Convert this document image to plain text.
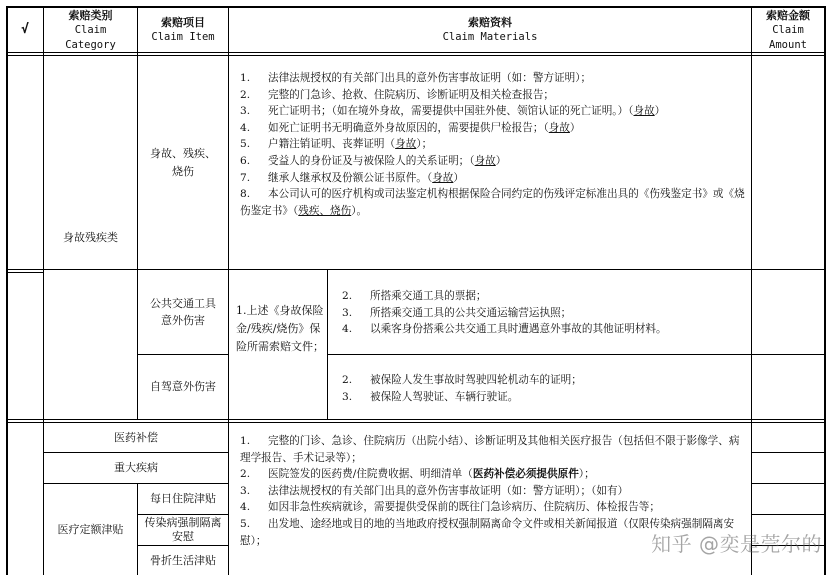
√
索赔类别
Claim
Category
索赔项目
Claim Item
索赔资料
Claim Materials
索赔金额
Claim
Amount
身故残疾类
身故、残疾、烧伤
1. 法律法规授权的有关部门出具的意外伤害事故证明（如：警方证明）；
2. 完整的门急诊、抢救、住院病历、诊断证明及相关检查报告；
3. 死亡证明书；（如在境外身故，需要提供中国驻外使、领馆认证的死亡证明。）（身故）
4. 如死亡证明书无明确意外身故原因的，需要提供尸检报告；（身故）
5. 户籍注销证明、丧葬证明（身故）；
6. 受益人的身份证及与被保险人的关系证明；（身故）
7. 继承人继承权及份额公证书原件。（身故）
8. 本公司认可的医疗机构或司法鉴定机构根据保险合同约定的伤残评定标准出具的《伤残鉴定书》或《烧伤鉴定书》（残疾、烧伤）。
公共交通工具意外伤害
1.上述《身故保险金/残疾/烧伤》保险所需索赔文件；
2. 所搭乘交通工具的票据；
3. 所搭乘交通工具的公共交通运输营运执照；
4. 以乘客身份搭乘公共交通工具时遭遇意外事故的其他证明材料。
自驾意外伤害	2. 被保险人发生事故时驾驶四轮机动车的证明；
3. 被保险人驾驶证、车辆行驶证。
医药补偿
重大疾病
医疗定额津贴
每日住院津贴
传染病强制隔离安慰
骨折生活津贴
1. 完整的门诊、急诊、住院病历（出院小结）、诊断证明及其他相关医疗报告（包括但不限于影像学、病理学报告、手术记录等）；
2. 医院签发的医药费/住院费收据、明细清单（医药补偿必须提供原件）；
3. 法律法规授权的有关部门出具的意外伤害事故证明（如：警方证明）；（如有）
4. 如因非急性疾病就诊，需要提供受保前的既往门急诊病历、住院病历、体检报告等；
5. 出发地、途经地或目的地的当地政府授权强制隔离命令文件或相关新闻报道（仅限传染病强制隔离安慰）；	知乎 @奕是莞尔的
